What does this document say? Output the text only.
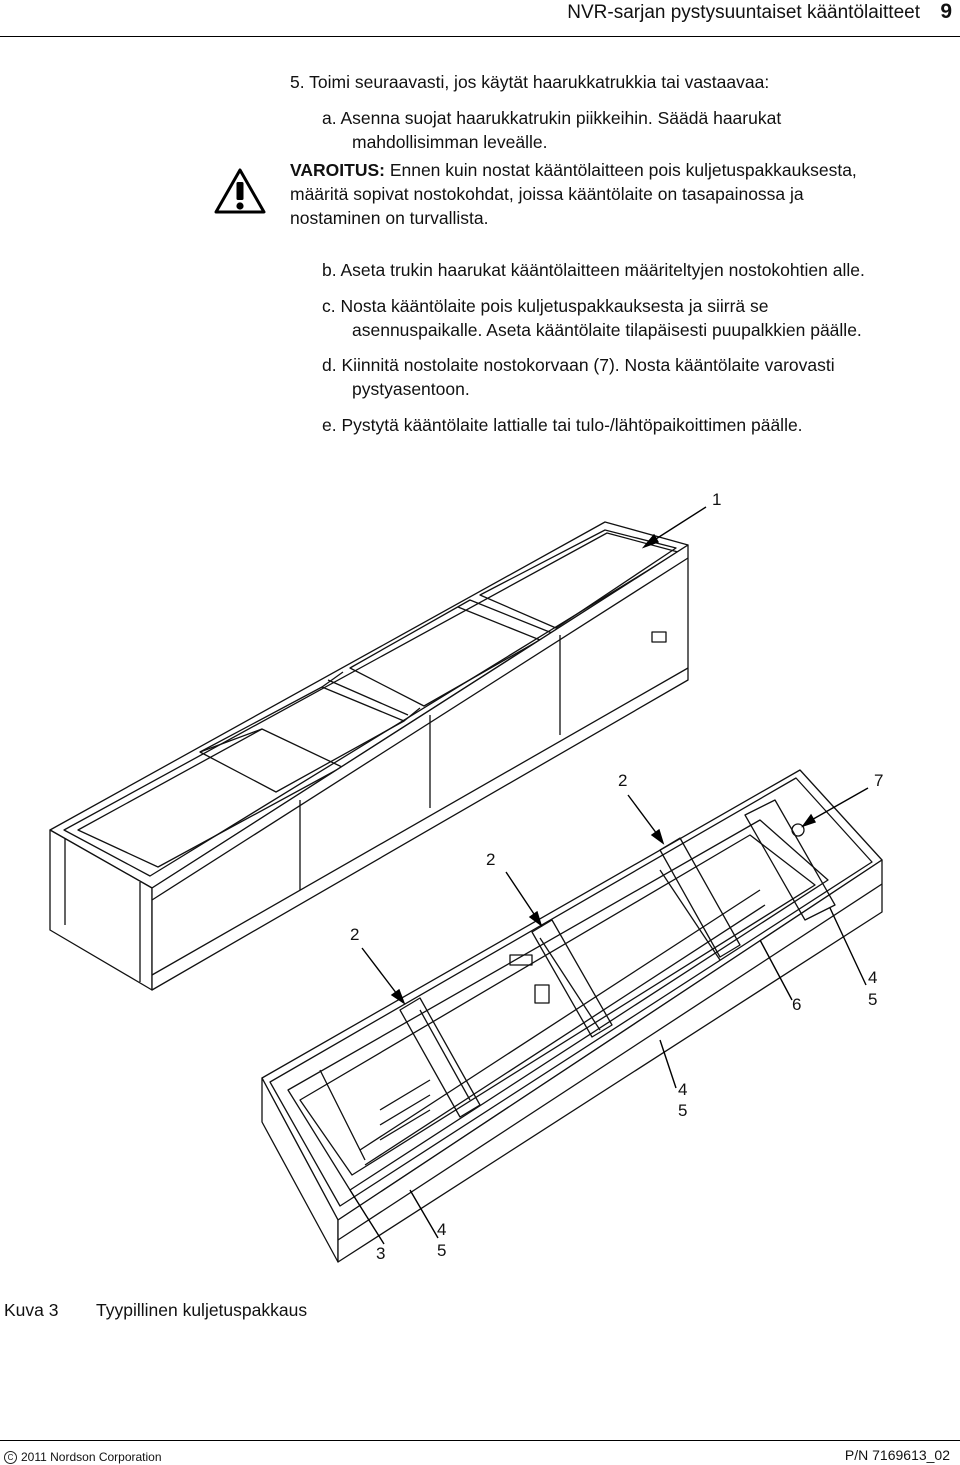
NVR-sarjan pystysuuntaiset kääntölaitteet 9
5. Toimi seuraavasti, jos käytät haarukkatrukkia tai vastaavaa:
a. Asenna suojat haarukkatrukin piikkeihin. Säädä haarukat
mahdollisimman leveälle.
VAROITUS: Ennen kuin nostat kääntölaitteen pois kuljetuspakkauksesta,
määritä sopivat nostokohdat, joissa kääntölaite on tasapainossa ja
nostaminen on turvallista.
b. Aseta trukin haarukat kääntölaitteen määriteltyjen nostokohtien alle.
c. Nosta kääntölaite pois kuljetuspakkauksesta ja siirrä se
asennuspaikalle. Aseta kääntölaite tilapäisesti puupalkkien päälle.
d. Kiinnitä nostolaite nostokorvaan (7). Nosta kääntölaite varovasti
pystyasentoon.
e. Pystytä kääntölaite lattialle tai tulo-/lähtöpaikoittimen päälle.
1
2	7
2
2
4
5
6
4
5
3
4
5
Kuva 3 Tyypillinen kuljetuspakkaus
C 2011 Nordson Corporation	P/N 7169613_02
